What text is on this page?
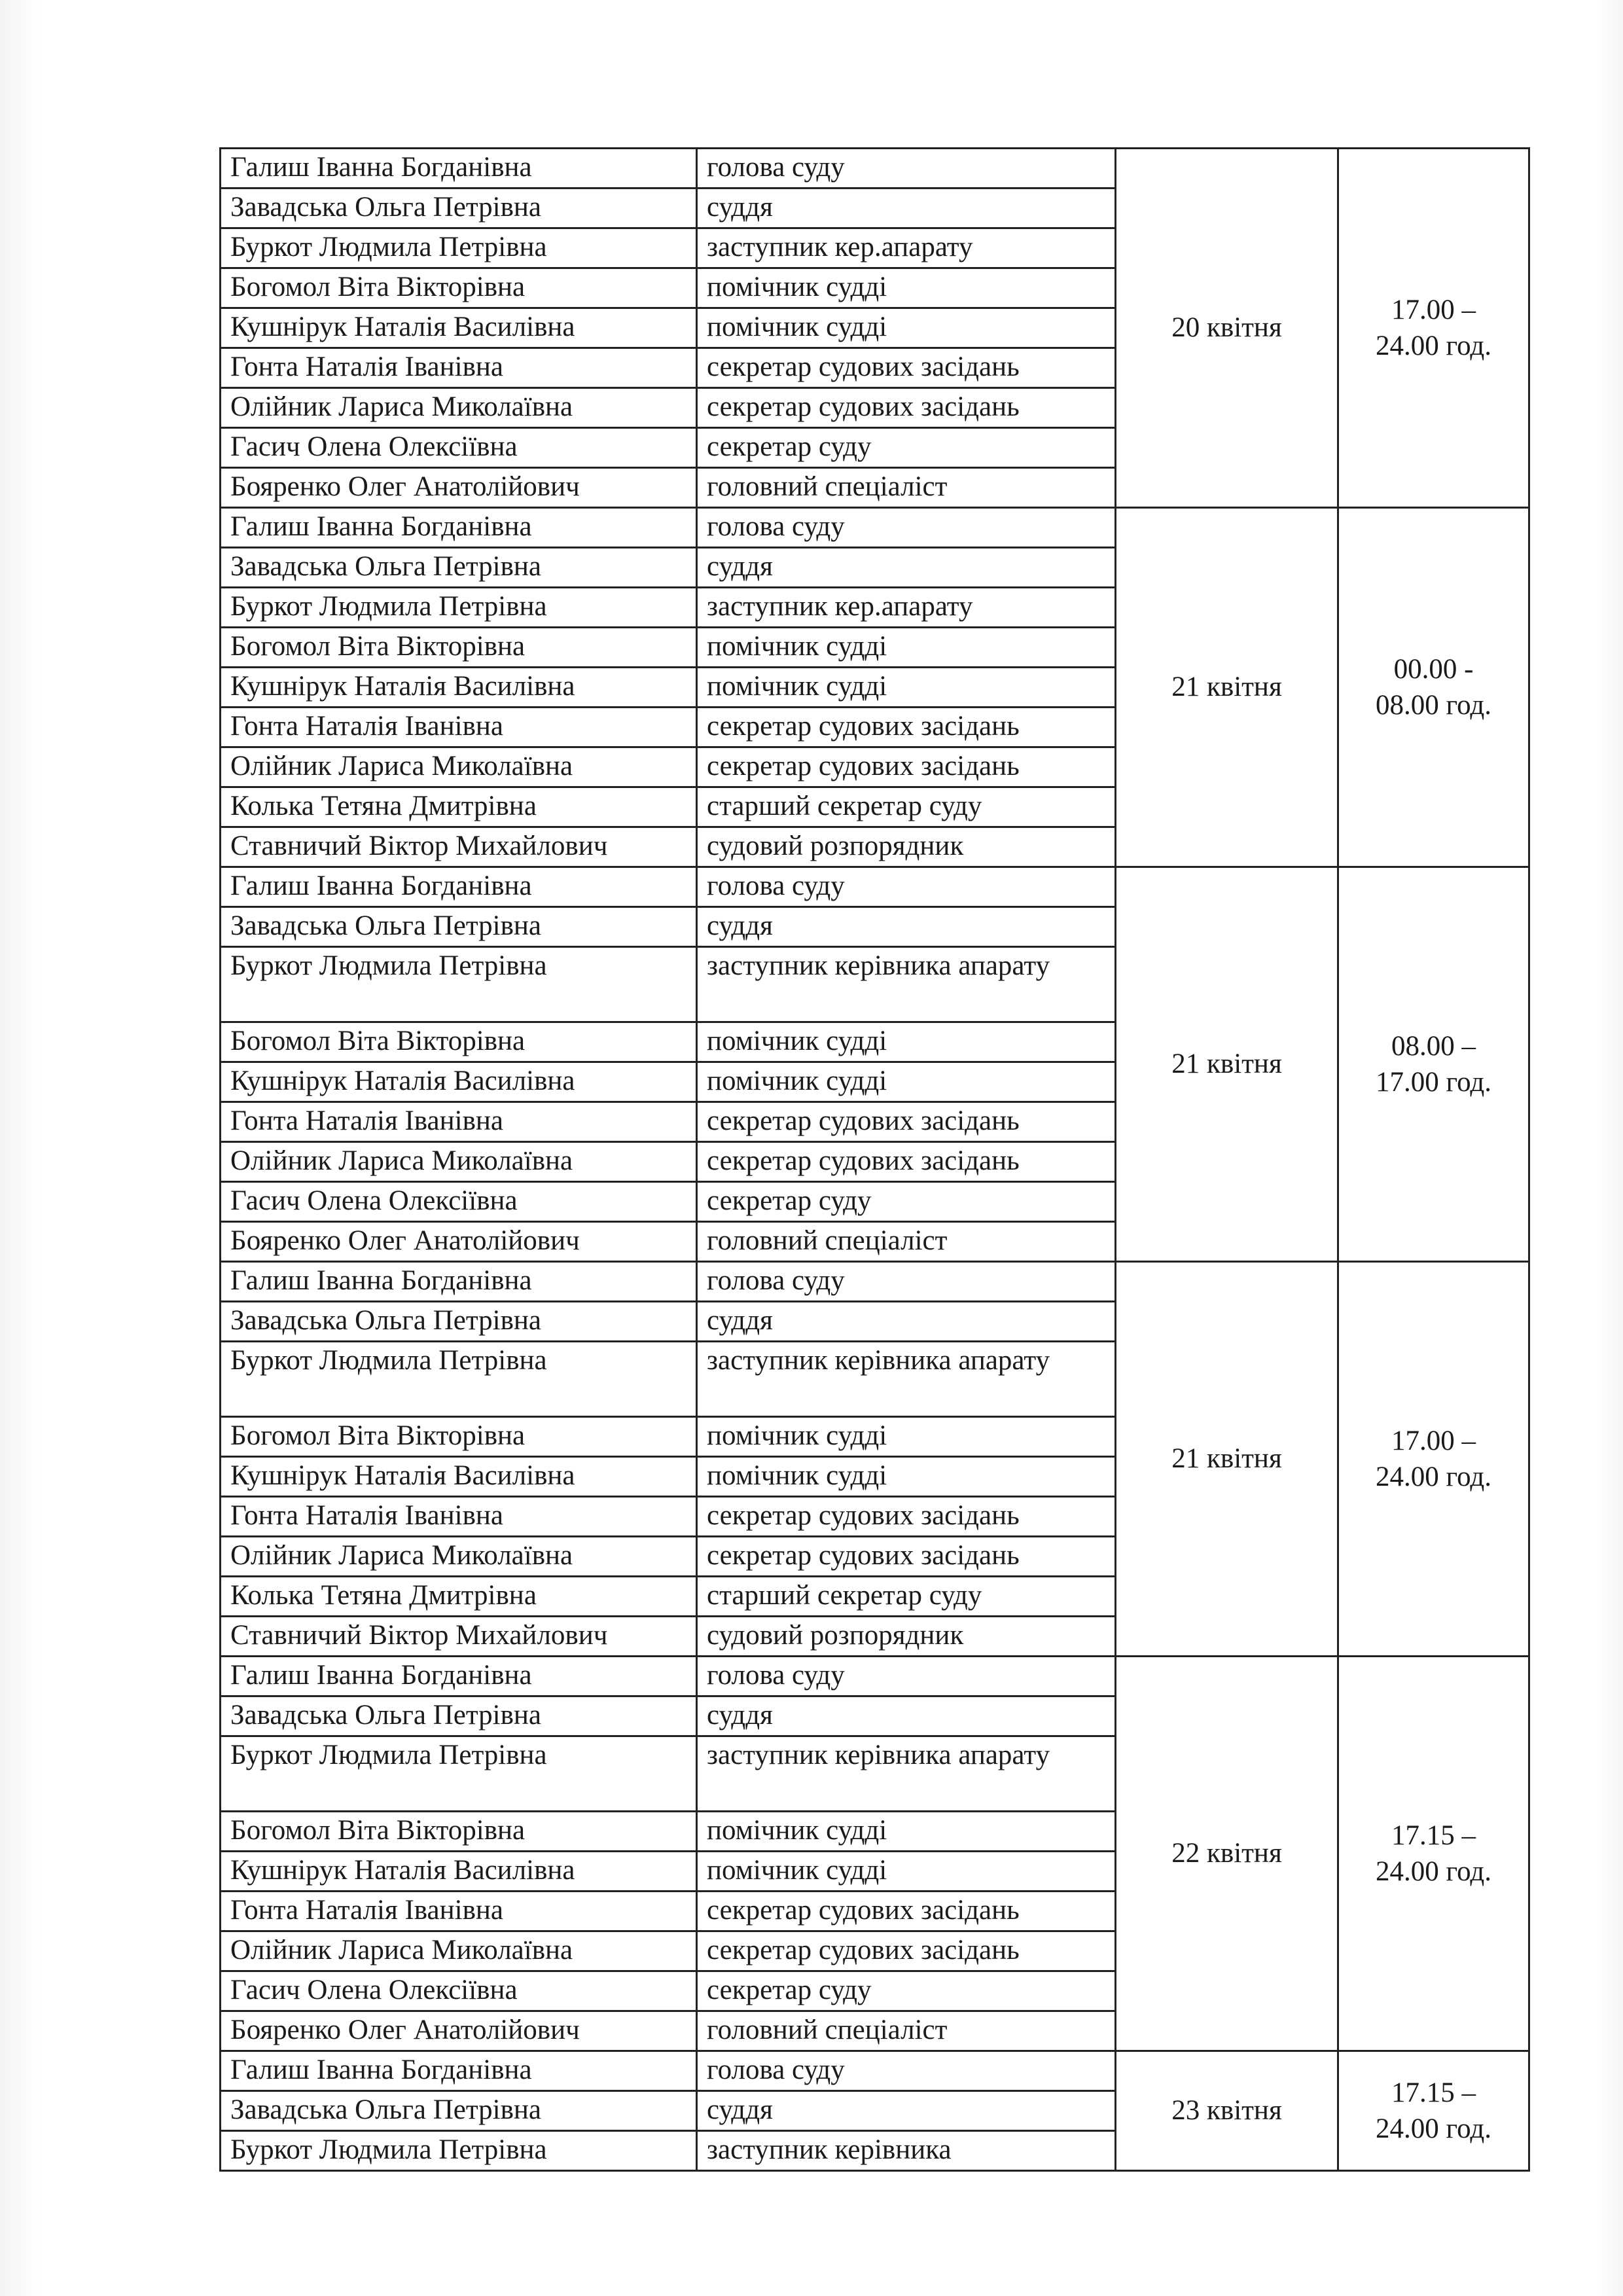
Галиш Іванна Богданівна	голова суду	20 квітня	17.00 –
24.00 год.

Завадська Ольга Петрівна	суддя		
Буркот Людмила Петрівна	заступник кер.апарату		
Богомол Віта Вікторівна	помічник судді		
Кушнірук Наталія Василівна	помічник судді		
Гонта Наталія Іванівна	секретар судових засідань		
Олійник Лариса Миколаївна	секретар судових засідань		
Гасич Олена Олексіївна	секретар суду		
Бояренко Олег Анатолійович	головний спеціаліст		
Галиш Іванна Богданівна	голова суду	21 квітня	00.00 -
08.00 год.

Завадська Ольга Петрівна	суддя		
Буркот Людмила Петрівна	заступник кер.апарату		
Богомол Віта Вікторівна	помічник судді		
Кушнірук Наталія Василівна	помічник судді		
Гонта Наталія Іванівна	секретар судових засідань		
Олійник Лариса Миколаївна	секретар судових засідань		
Колька Тетяна Дмитрівна	старший секретар суду		
Ставничий Віктор Михайлович	судовий розпорядник		
Галиш Іванна Богданівна	голова суду	21 квітня	08.00 –
17.00 год.

Завадська Ольга Петрівна	суддя		
Буркот Людмила Петрівна	заступник керівника апарату		
Богомол Віта Вікторівна	помічник судді		
Кушнірук Наталія Василівна	помічник судді		
Гонта Наталія Іванівна	секретар судових засідань		
Олійник Лариса Миколаївна	секретар судових засідань		
Гасич Олена Олексіївна	секретар суду		
Бояренко Олег Анатолійович	головний спеціаліст		
Галиш Іванна Богданівна	голова суду	21 квітня	17.00 –
24.00 год.

Завадська Ольга Петрівна	суддя		
Буркот Людмила Петрівна	заступник керівника апарату		
Богомол Віта Вікторівна	помічник судді		
Кушнірук Наталія Василівна	помічник судді		
Гонта Наталія Іванівна	секретар судових засідань		
Олійник Лариса Миколаївна	секретар судових засідань		
Колька Тетяна Дмитрівна	старший секретар суду		
Ставничий Віктор Михайлович	судовий розпорядник		
Галиш Іванна Богданівна	голова суду	22 квітня	17.15 –
24.00 год.

Завадська Ольга Петрівна	суддя		
Буркот Людмила Петрівна	заступник керівника апарату		
Богомол Віта Вікторівна	помічник судді		
Кушнірук Наталія Василівна	помічник судді		
Гонта Наталія Іванівна	секретар судових засідань		
Олійник Лариса Миколаївна	секретар судових засідань		
Гасич Олена Олексіївна	секретар суду		
Бояренко Олег Анатолійович	головний спеціаліст		
Галиш Іванна Богданівна	голова суду	23 квітня	17.15 –
24.00 год.

Завадська Ольга Петрівна	суддя		
Буркот Людмила Петрівна	заступник керівника		
